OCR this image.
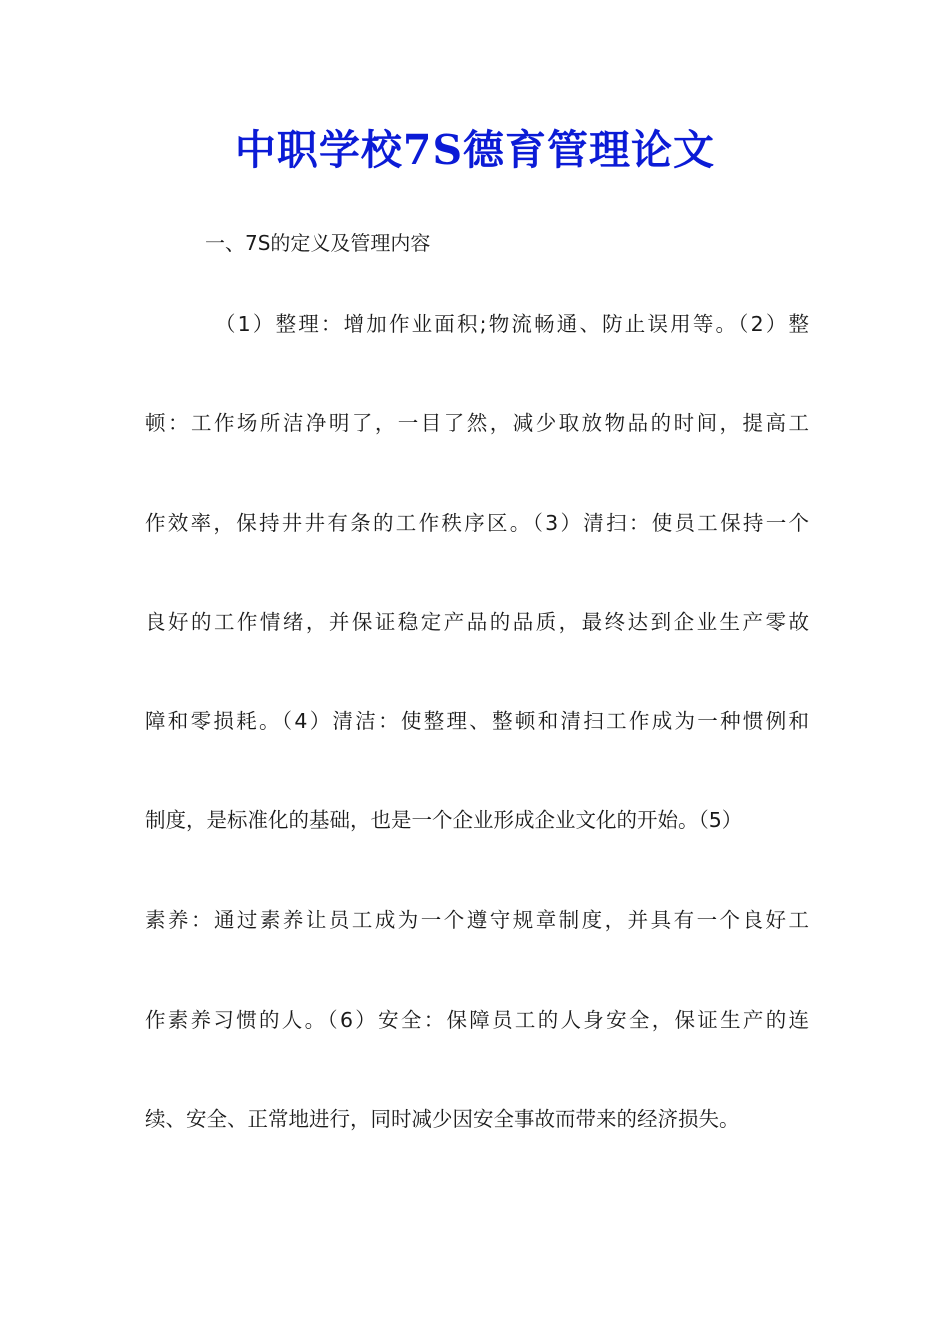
中职学校7S德育管理论文
一、7S的定义及管理内容

（1）整理：增加作业面积;物流畅通、防止误用等。（2）整

顿：工作场所洁净明了，一目了然，减少取放物品的时间，提高工

作效率，保持井井有条的工作秩序区。（3）清扫：使员工保持一个

良好的工作情绪，并保证稳定产品的品质，最终达到企业生产零故

障和零损耗。（4）清洁：使整理、整顿和清扫工作成为一种惯例和

制度，是标准化的基础，也是一个企业形成企业文化的开始。（5）

素养：通过素养让员工成为一个遵守规章制度，并具有一个良好工

作素养习惯的人。（6）安全：保障员工的人身安全，保证生产的连

续、安全、正常地进行，同时减少因安全事故而带来的经济损失。
